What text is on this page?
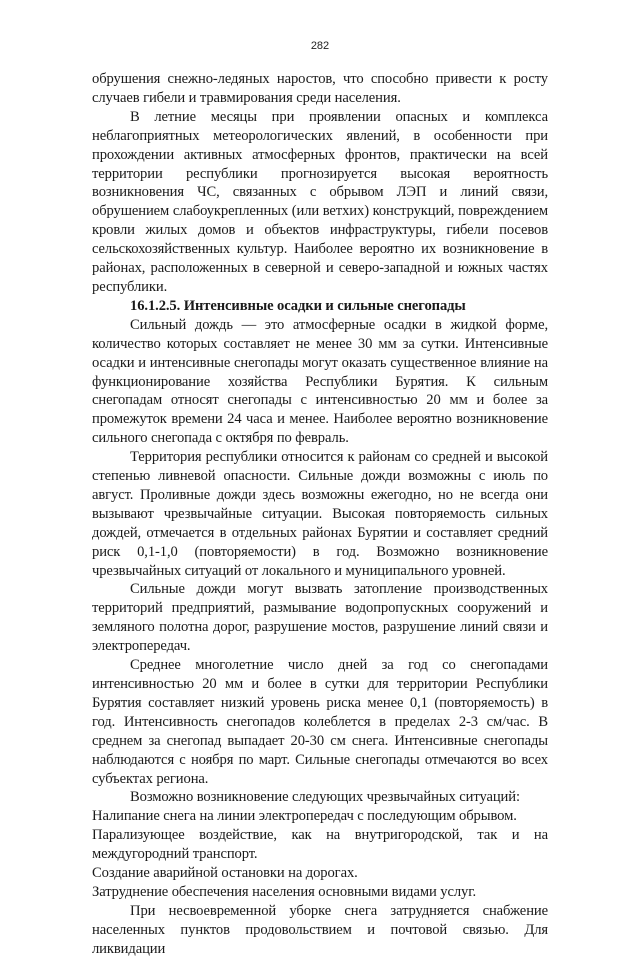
282

обрушения снежно-ледяных наростов, что способно привести к росту случаев гибели и травмирования среди населения.

В летние месяцы при проявлении опасных и комплекса неблагоприятных метеорологических явлений, в особенности при прохождении активных атмосферных фронтов, практически на всей территории республики прогнозируется высокая вероятность возникновения ЧС, связанных с обрывом ЛЭП и линий связи, обрушением слабоукрепленных (или ветхих) конструкций, повреждением кровли жилых домов и объектов инфраструктуры, гибели посевов сельскохозяйственных культур. Наиболее вероятно их возникновение в районах, расположенных в северной и северо-западной и южных частях республики.

16.1.2.5. Интенсивные осадки и сильные снегопады

Сильный дождь — это атмосферные осадки в жидкой форме, количество которых составляет не менее 30 мм за сутки. Интенсивные осадки и интенсивные снегопады могут оказать существенное влияние на функционирование хозяйства Республики Бурятия. К сильным снегопадам относят снегопады с интенсивностью 20 мм и более за промежуток времени 24 часа и менее. Наиболее вероятно возникновение сильного снегопада с октября по февраль.

Территория республики относится к районам со средней и высокой степенью ливневой опасности. Сильные дожди возможны с июль по август. Проливные дожди здесь возможны ежегодно, но не всегда они вызывают чрезвычайные ситуации. Высокая повторяемость сильных дождей, отмечается в отдельных районах Бурятии и составляет средний риск 0,1-1,0 (повторяемости) в год. Возможно возникновение чрезвычайных ситуаций от локального и муниципального уровней.

Сильные дожди могут вызвать затопление производственных территорий предприятий, размывание водопропускных сооружений и земляного полотна дорог, разрушение мостов, разрушение линий связи и электропередач.

Среднее многолетние число дней за год со снегопадами интенсивностью 20 мм и более в сутки для территории Республики Бурятия составляет низкий уровень риска менее 0,1 (повторяемость) в год. Интенсивность снегопадов колеблется в пределах 2-3 см/час. В среднем за снегопад выпадает 20-30 см снега. Интенсивные снегопады наблюдаются с ноября по март. Сильные снегопады отмечаются во всех субъектах региона.

Возможно возникновение следующих чрезвычайных ситуаций:

Налипание снега на линии электропередач с последующим обрывом.

Парализующее воздействие, как на внутригородской, так и на междугородний транспорт.

Создание аварийной остановки на дорогах.

Затруднение обеспечения населения основными видами услуг.

При несвоевременной уборке снега затрудняется снабжение населенных пунктов продовольствием и почтовой связью. Для ликвидации
